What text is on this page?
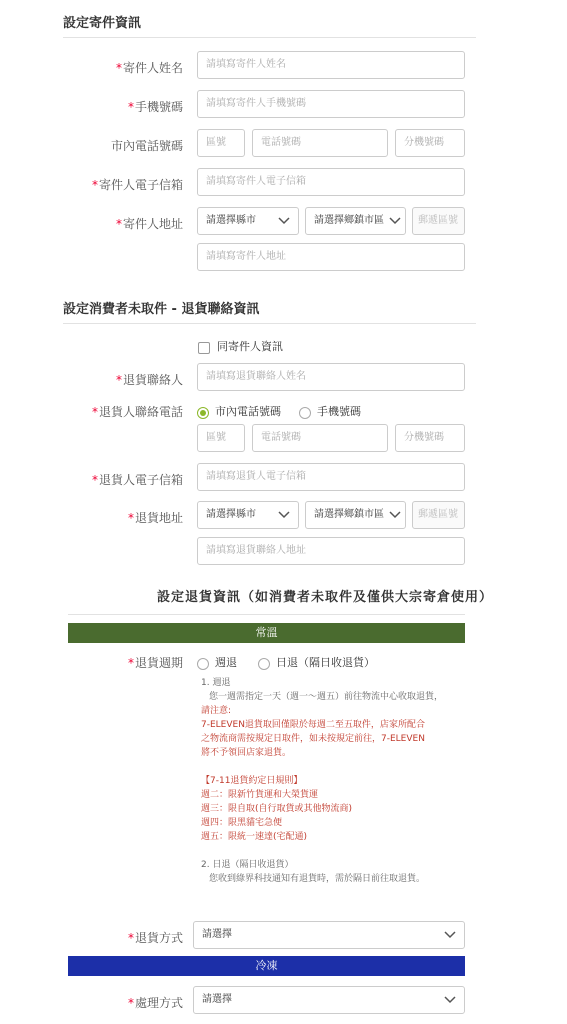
設定寄件資訊
*寄件人姓名	請填寫寄件人姓名
*手機號碼	請填寫寄件人手機號碼
市內電話號碼	區號	電話號碼	分機號碼
*寄件人電子信箱	請填寫寄件人電子信箱
*寄件人地址	請選擇縣市	請選擇鄉鎮市區	郵遞區號
請填寫寄件人地址
設定消費者未取件 - 退貨聯絡資訊
同寄件人資訊
*退貨聯絡人	請填寫退貨聯絡人姓名
*退貨人聯絡電話	市內電話號碼	手機號碼
區號	電話號碼	分機號碼
*退貨人電子信箱	請填寫退貨人電子信箱
*退貨地址	請選擇縣市	請選擇鄉鎮市區	郵遞區號
請填寫退貨聯絡人地址
設定退貨資訊（如消費者未取件及僅供大宗寄倉使用）
常溫
*退貨週期	週退	日退（隔日收退貨）
1. 週退
您一週需指定一天（週一～週五）前往物流中心收取退貨，
請注意:
7-ELEVEN退貨取回僅限於每週二至五取件，店家所配合
之物流商需按規定日取件，如未按規定前往，7-ELEVEN
將不予領回店家退貨。

【7-11退貨約定日規則】
週二：限新竹貨運和大榮貨運
週三：限自取(自行取貨或其他物流商)
週四：限黑貓宅急便
週五：限統一速達(宅配通)

2. 日退（隔日收退貨）
您收到綠界科技通知有退貨時，需於隔日前往取退貨。
*退貨方式	請選擇
冷凍
*處理方式	請選擇
